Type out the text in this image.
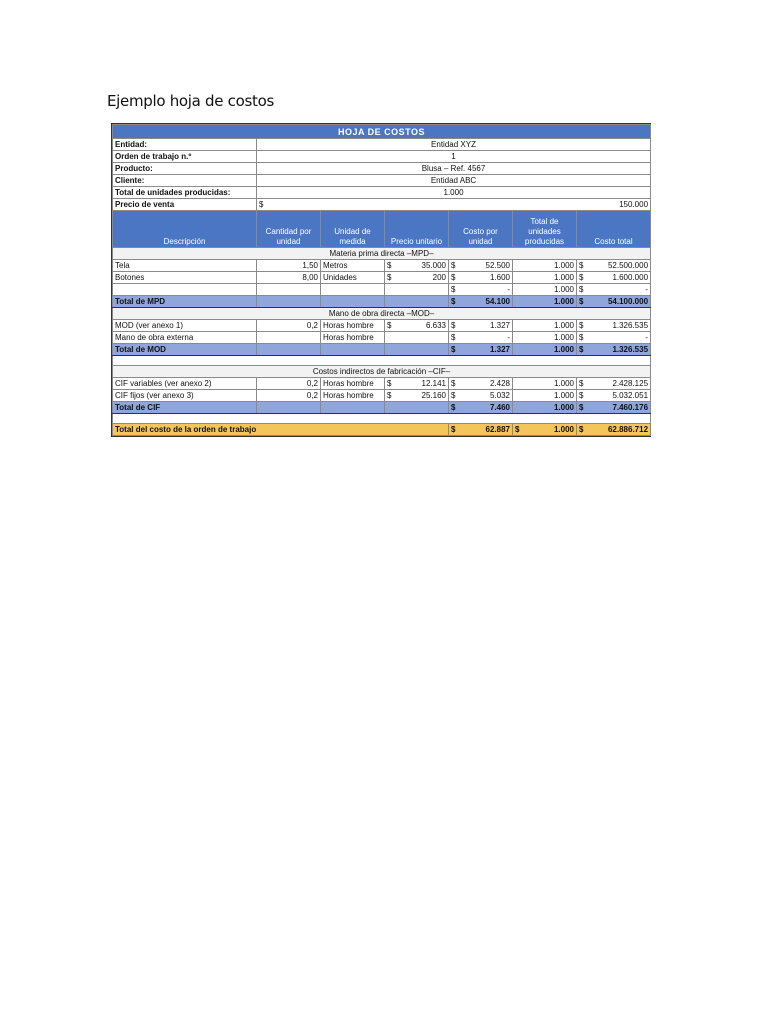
Ejemplo hoja de costos
HOJA DE COSTOS						
Entidad:	Entidad XYZ					
Orden de trabajo n.º	1					
Producto:	Blusa – Ref. 4567					
Cliente:	Entidad ABC					
Total de unidades producidas:	1.000					
Precio de venta	$ 150.000					

Descripción	Cantidad por unidad	Unidad de medida	Precio unitario	Costo por unidad	Total de unidades producidas	Costo total
Materia prima directa –MPD–						
Tela	1,50	Metros	$ 35.000	$ 52.500	1.000	$ 52.500.000

Botones	8,00	Unidades	$ 200	$ 1.600	1.000	$ 1.600.000

				$ -	1.000	$ -

Total de MPD				$ 54.100	1.000	$ 54.100.000

Mano de obra directa –MOD–						
MOD (ver anexo 1)	0,2	Horas hombre	$ 6.633	$ 1.327	1.000	$ 1.326.535

Mano de obra externa		Horas hombre		$ -	1.000	$ -

Total de MOD				$ 1.327	1.000	$ 1.326.535

Costos indirectos de fabricación –CIF–						
CIF variables (ver anexo 2)	0,2	Horas hombre	$ 12.141	$ 2.428	1.000	$ 2.428.125

CIF fijos (ver anexo 3)	0,2	Horas hombre	$ 25.160	$ 5.032	1.000	$ 5.032.051

Total de CIF				$ 7.460	1.000	$ 7.460.176

Total del costo de la orden de trabajo				$ 62.887	$ 1.000	$ 62.886.712
